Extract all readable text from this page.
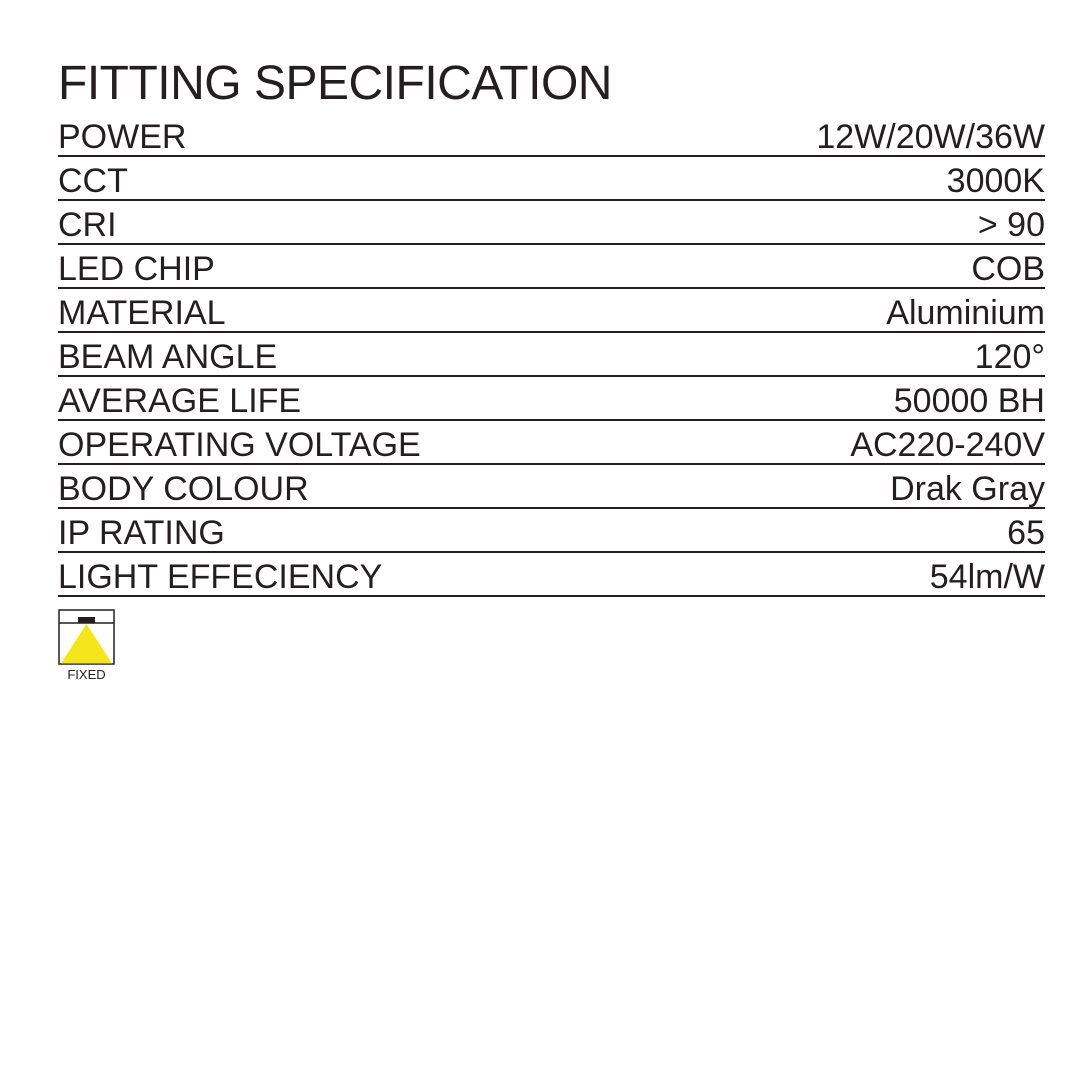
FITTING SPECIFICATION
POWER	12W/20W/36W
CCT	3000K
CRI	> 90
LED CHIP	COB
MATERIAL	Aluminium
BEAM ANGLE	120°
AVERAGE LIFE	50000 BH
OPERATING VOLTAGE	AC220-240V
BODY COLOUR	Drak Gray
IP RATING	65
LIGHT EFFECIENCY	54lm/W
FIXED
